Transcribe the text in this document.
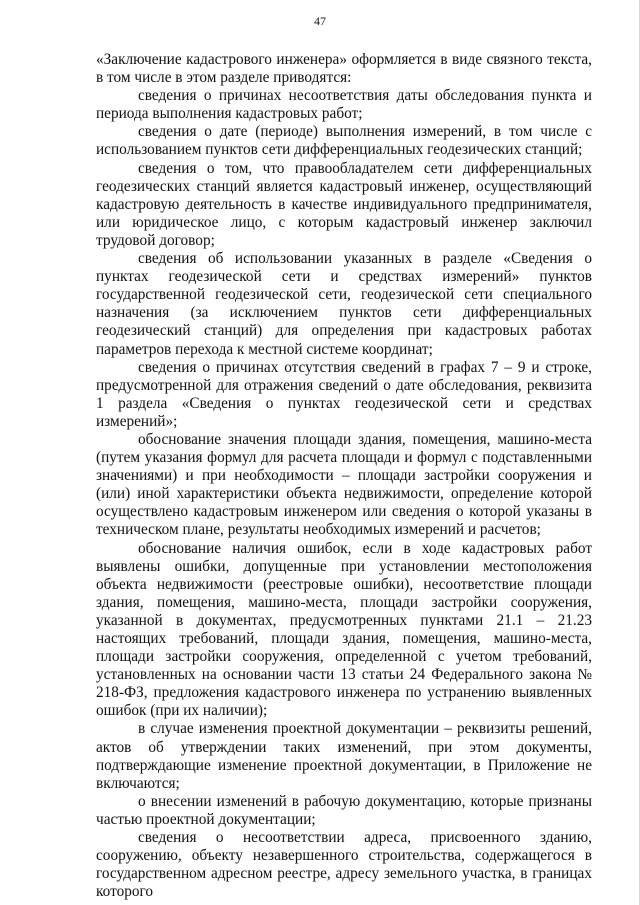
47

«Заключение кадастрового инженера» оформляется в виде связного текста, в том числе в этом разделе приводятся:

сведения о причинах несоответствия даты обследования пункта и периода выполнения кадастровых работ;

сведения о дате (периоде) выполнения измерений, в том числе с использованием пунктов сети дифференциальных геодезических станций;

сведения о том, что правообладателем сети дифференциальных геодезических станций является кадастровый инженер, осуществляющий кадастровую деятельность в качестве индивидуального предпринимателя, или юридическое лицо, с которым кадастровый инженер заключил трудовой договор;

сведения об использовании указанных в разделе «Сведения о пунктах геодезической сети и средствах измерений» пунктов государственной геодезической сети, геодезической сети специального назначения (за исключением пунктов сети дифференциальных геодезический станций) для определения при кадастровых работах параметров перехода к местной системе координат;

сведения о причинах отсутствия сведений в графах 7 – 9 и строке, предусмотренной для отражения сведений о дате обследования, реквизита 1 раздела «Сведения о пунктах геодезической сети и средствах измерений»;

обоснование значения площади здания, помещения, машино-места (путем указания формул для расчета площади и формул с подставленными значениями) и при необходимости – площади застройки сооружения и (или) иной характеристики объекта недвижимости, определение которой осуществлено кадастровым инженером или сведения о которой указаны в техническом плане, результаты необходимых измерений и расчетов;

обоснование наличия ошибок, если в ходе кадастровых работ выявлены ошибки, допущенные при установлении местоположения объекта недвижимости (реестровые ошибки), несоответствие площади здания, помещения, машино-места, площади застройки сооружения, указанной в документах, предусмотренных пунктами 21.1 – 21.23 настоящих требований, площади здания, помещения, машино-места, площади застройки сооружения, определенной с учетом требований, установленных на основании части 13 статьи 24 Федерального закона № 218-ФЗ, предложения кадастрового инженера по устранению выявленных ошибок (при их наличии);

в случае изменения проектной документации – реквизиты решений, актов об утверждении таких изменений, при этом документы, подтверждающие изменение проектной документации, в Приложение не включаются;

о внесении изменений в рабочую документацию, которые признаны частью проектной документации;

сведения о несоответствии адреса, присвоенного зданию, сооружению, объекту незавершенного строительства, содержащегося в государственном адресном реестре, адресу земельного участка, в границах которого
